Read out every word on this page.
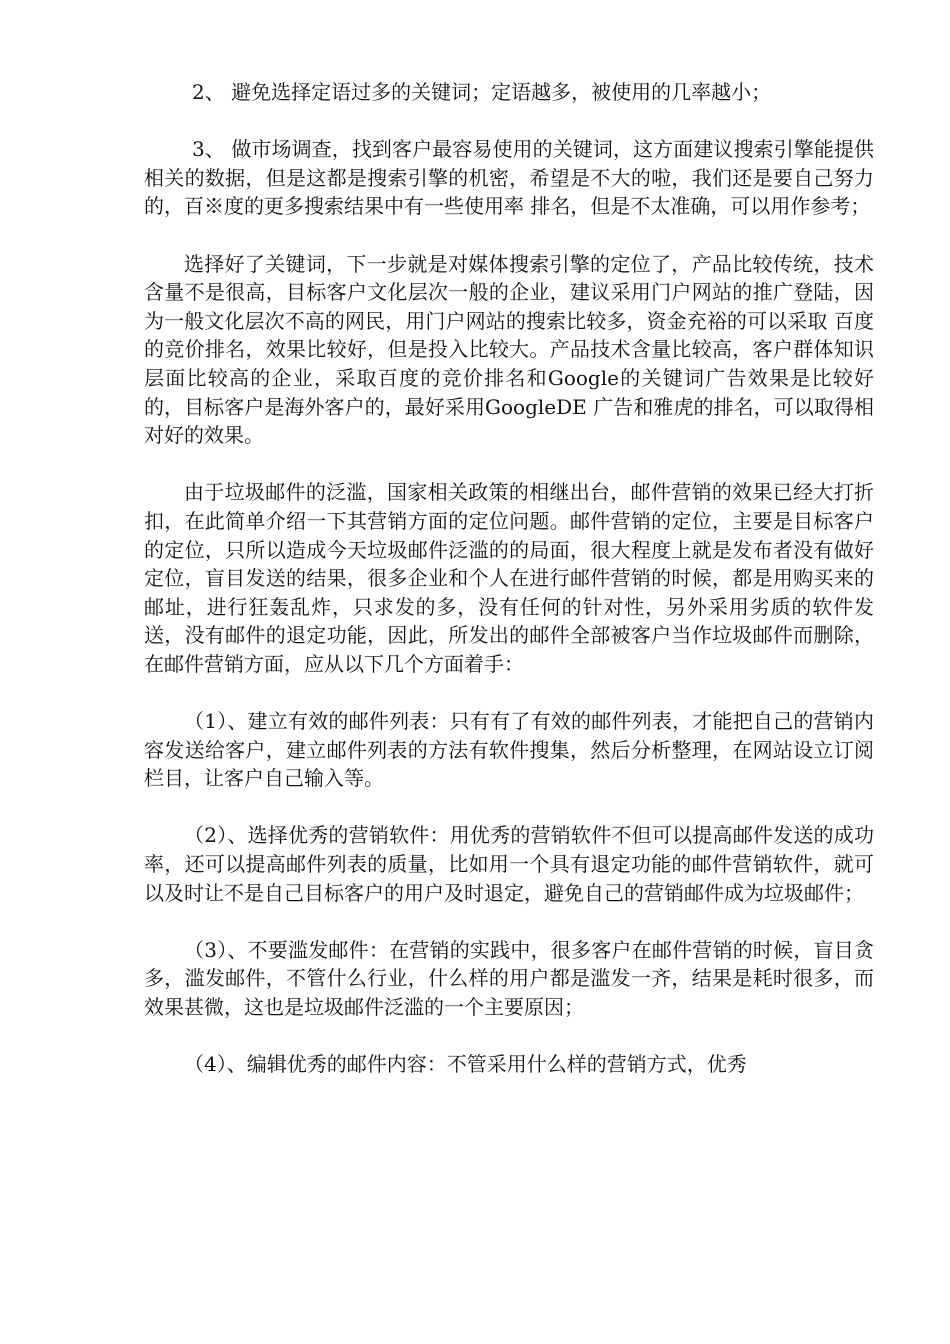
2、 避免选择定语过多的关键词；定语越多，被使用的几率越小；

3、 做市场调查，找到客户最容易使用的关键词，这方面建议搜索引擎能提供相关的数据，但是这都是搜索引擎的机密，希望是不大的啦，我们还是要自己努力的，百※度的更多搜索结果中有一些使用率 排名，但是不太准确，可以用作参考；

选择好了关键词，下一步就是对媒体搜索引擎的定位了，产品比较传统，技术含量不是很高，目标客户文化层次一般的企业，建议采用门户网站的推广登陆，因为一般文化层次不高的网民，用门户网站的搜索比较多，资金充裕的可以采取 百度的竞价排名，效果比较好，但是投入比较大。产品技术含量比较高，客户群体知识层面比较高的企业，采取百度的竞价排名和Google的关键词广告效果是比较好的，目标客户是海外客户的，最好采用GoogleDE 广告和雅虎的排名，可以取得相对好的效果。

由于垃圾邮件的泛滥，国家相关政策的相继出台，邮件营销的效果已经大打折扣，在此简单介绍一下其营销方面的定位问题。邮件营销的定位，主要是目标客户的定位，只所以造成今天垃圾邮件泛滥的的局面，很大程度上就是发布者没有做好定位，盲目发送的结果，很多企业和个人在进行邮件营销的时候，都是用购买来的邮址，进行狂轰乱炸，只求发的多，没有任何的针对性，另外采用劣质的软件发送，没有邮件的退定功能，因此，所发出的邮件全部被客户当作垃圾邮件而删除，在邮件营销方面，应从以下几个方面着手：

（1）、建立有效的邮件列表：只有有了有效的邮件列表，才能把自己的营销内容发送给客户，建立邮件列表的方法有软件搜集，然后分析整理，在网站设立订阅栏目，让客户自己输入等。

（2）、选择优秀的营销软件：用优秀的营销软件不但可以提高邮件发送的成功率，还可以提高邮件列表的质量，比如用一个具有退定功能的邮件营销软件，就可以及时让不是自己目标客户的用户及时退定，避免自己的营销邮件成为垃圾邮件；

（3）、不要滥发邮件：在营销的实践中，很多客户在邮件营销的时候，盲目贪多，滥发邮件，不管什么行业，什么样的用户都是滥发一齐，结果是耗时很多，而效果甚微，这也是垃圾邮件泛滥的一个主要原因；

（4）、编辑优秀的邮件内容：不管采用什么样的营销方式，优秀
